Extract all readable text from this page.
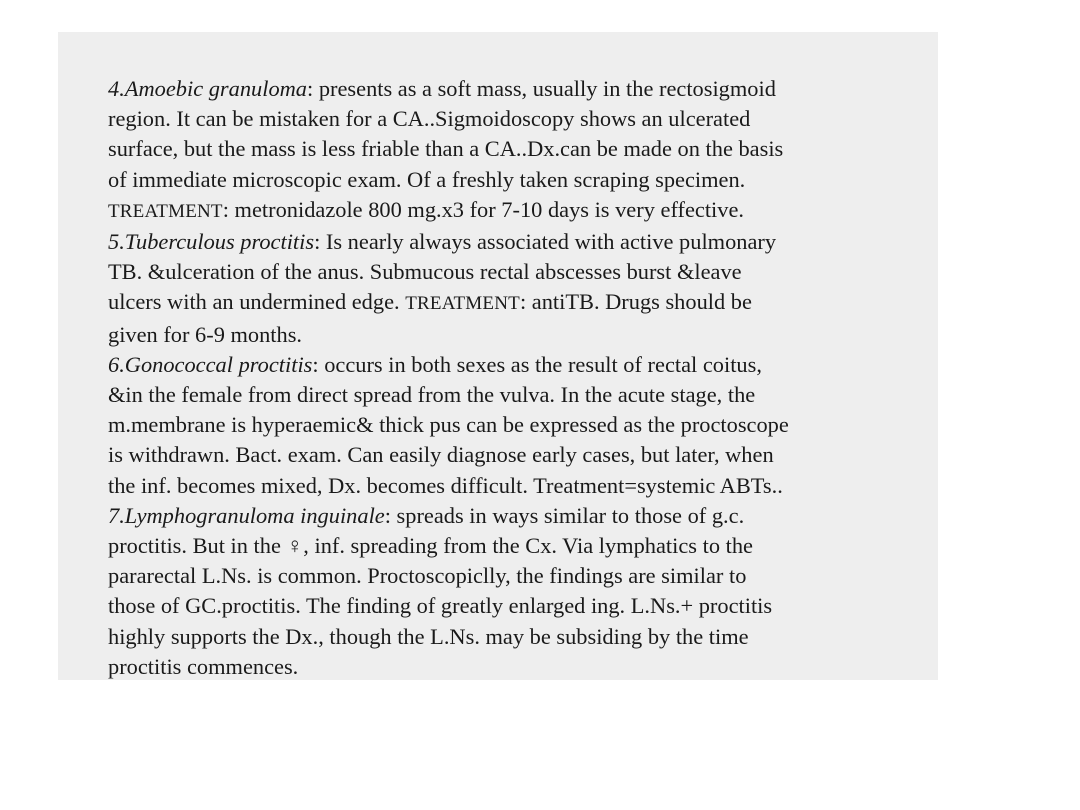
4.Amoebic granuloma: presents as a soft mass, usually in the rectosigmoid

region. It can be mistaken for a CA..Sigmoidoscopy shows an ulcerated

surface, but the mass is less friable than a CA..Dx.can be made on the basis

of immediate microscopic exam. Of a freshly taken scraping specimen.

TREATMENT: metronidazole 800 mg.x3 for 7-10 days is very effective.

5.Tuberculous proctitis: Is nearly always associated with active pulmonary

TB. &ulceration of the anus. Submucous rectal abscesses burst &leave

ulcers with an undermined edge. TREATMENT: antiTB. Drugs should be

given for 6-9 months.

6.Gonococcal proctitis: occurs in both sexes as the result of rectal coitus,

&in the female from direct spread from the vulva. In the acute stage, the

m.membrane is hyperaemic& thick pus can be expressed as the proctoscope

is withdrawn. Bact. exam. Can easily diagnose early cases, but later, when

the inf. becomes mixed, Dx. becomes difficult. Treatment=systemic ABTs..

7.Lymphogranuloma inguinale: spreads in ways similar to those of g.c.

proctitis. But in the ♀, inf. spreading from the Cx. Via lymphatics to the

pararectal L.Ns. is common. Proctoscopiclly, the findings are similar to

those of GC.proctitis. The finding of greatly enlarged ing. L.Ns.+ proctitis

highly supports the Dx., though the L.Ns. may be subsiding by the time

proctitis commences.
